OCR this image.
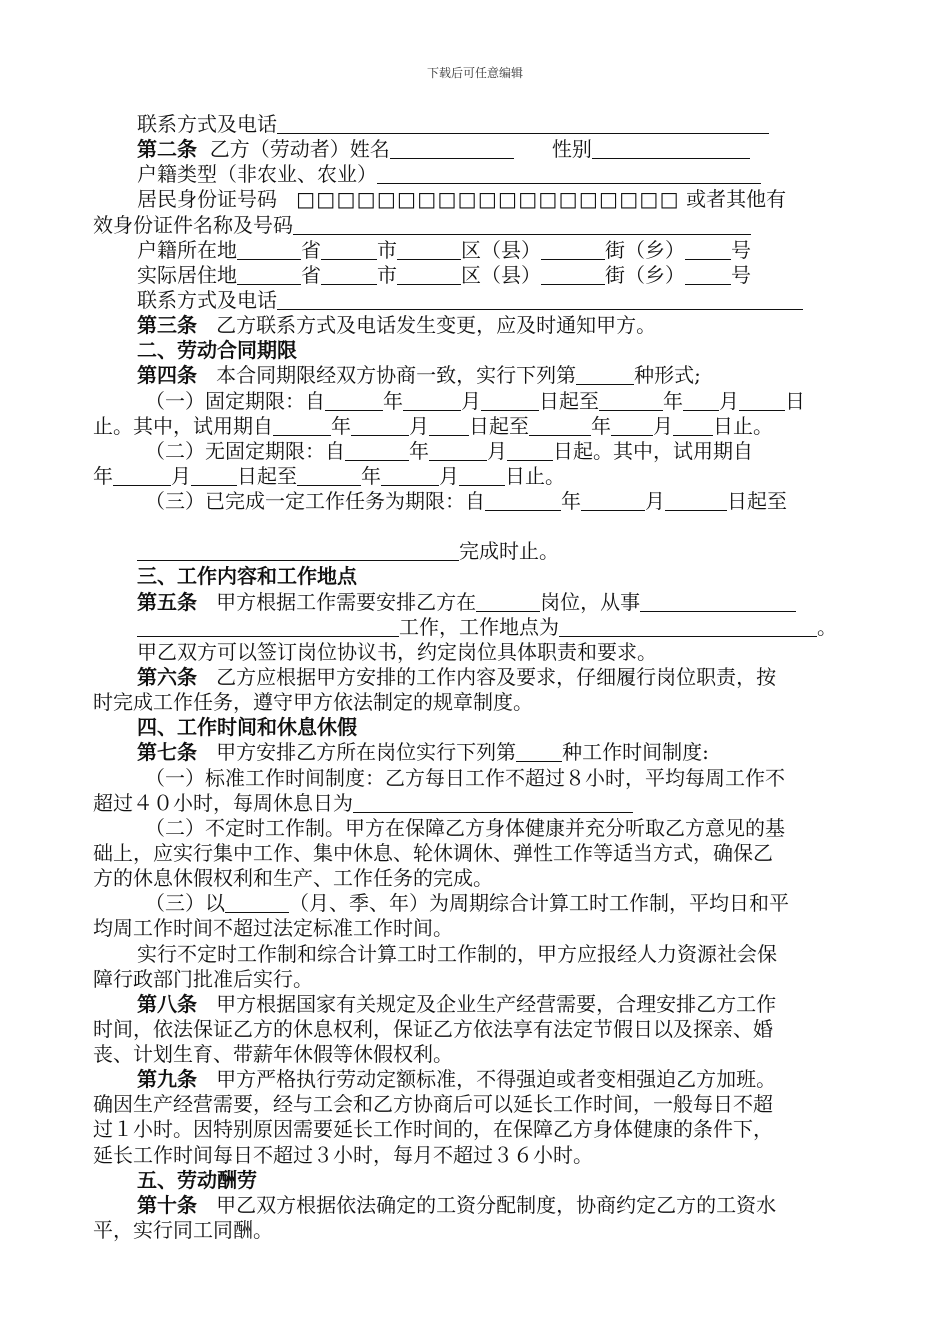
下载后可任意编辑
联系方式及电话
第二条 乙方（劳动者）姓名	性别
户籍类型（非农业、农业）
居民身份证号码 □□□□□□□□□□□□□□□□□□□ 或者其他有
效身份证件名称及号码
户籍所在地	省	市	区（县）	街（乡） 号
实际居住地	省	市	区（县）	街（乡） 号
联系方式及电话
第三条 乙方联系方式及电话发生变更，应及时通知甲方。
二、劳动合同期限
第四条 本合同期限经双方协商一致，实行下列第	种形式;
（一）固定期限：自	年	月	日起至	年 月 日
止。其中，试用期自	年	月 日起至	年 月 日止。
（二）无固定期限：自	年	月 日起。其中，试用期自
年	月 日起至	年	月 日止。
（三）已完成一定工作任务为期限：自	年	月	日起至
完成时止。
三、工作内容和工作地点
第五条 甲方根据工作需要安排乙方在	岗位，从事
工作，工作地点为	。
甲乙双方可以签订岗位协议书，约定岗位具体职责和要求。
第六条 乙方应根据甲方安排的工作内容及要求，仔细履行岗位职责，按
时完成工作任务，遵守甲方依法制定的规章制度。
四、工作时间和休息休假
第七条 甲方安排乙方所在岗位实行下列第 种工作时间制度:
（一）标准工作时间制度：乙方每日工作不超过８小时，平均每周工作不
超过４０小时，每周休息日为
（二）不定时工作制。甲方在保障乙方身体健康并充分听取乙方意见的基
础上，应实行集中工作、集中休息、轮休调休、弹性工作等适当方式，确保乙
方的休息休假权利和生产、工作任务的完成。
（三）以	（月、季、年）为周期综合计算工时工作制，平均日和平
均周工作时间不超过法定标准工作时间。
实行不定时工作制和综合计算工时工作制的，甲方应报经人力资源社会保
障行政部门批准后实行。
第八条 甲方根据国家有关规定及企业生产经营需要，合理安排乙方工作
时间，依法保证乙方的休息权利，保证乙方依法享有法定节假日以及探亲、婚
丧、计划生育、带薪年休假等休假权利。
第九条 甲方严格执行劳动定额标准，不得强迫或者变相强迫乙方加班。
确因生产经营需要，经与工会和乙方协商后可以延长工作时间，一般每日不超
过１小时。因特别原因需要延长工作时间的，在保障乙方身体健康的条件下，
延长工作时间每日不超过３小时，每月不超过３６小时。
五、劳动酬劳
第十条 甲乙双方根据依法确定的工资分配制度，协商约定乙方的工资水
平，实行同工同酬。
